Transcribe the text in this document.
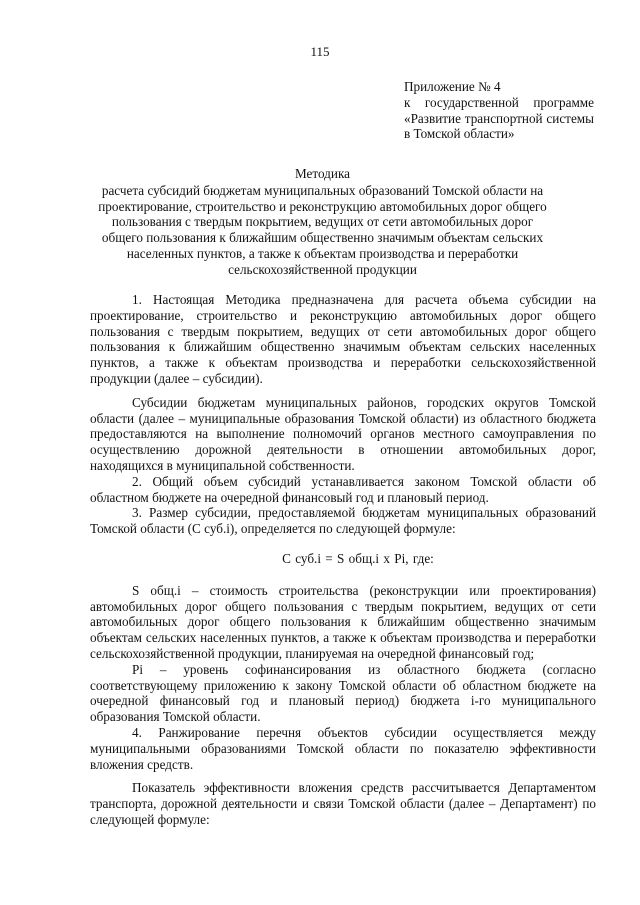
115
Приложение № 4
к государственной программе
«Развитие транспортной системы
в Томской области»
Методика
расчета субсидий бюджетам муниципальных образований Томской области на проектирование, строительство и реконструкцию автомобильных дорог общего пользования с твердым покрытием, ведущих от сети автомобильных дорог общего пользования к ближайшим общественно значимым объектам сельских населенных пунктов, а также к объектам производства и переработки сельскохозяйственной продукции

1. Настоящая Методика предназначена для расчета объема субсидии на проектирование, строительство и реконструкцию автомобильных дорог общего пользования с твердым покрытием, ведущих от сети автомобильных дорог общего пользования к ближайшим общественно значимым объектам сельских населенных пунктов, а также к объектам производства и переработки сельскохозяйственной продукции (далее – субсидии).

Субсидии бюджетам муниципальных районов, городских округов Томской области (далее – муниципальные образования Томской области) из областного бюджета предоставляются на выполнение полномочий органов местного самоуправления по осуществлению дорожной деятельности в отношении автомобильных дорог, находящихся в муниципальной собственности.

2. Общий объем субсидий устанавливается законом Томской области об областном бюджете на очередной финансовый год и плановый период.

3. Размер субсидии, предоставляемой бюджетам муниципальных образований Томской области (С суб.i), определяется по следующей формуле:

С суб.i = S общ.i х Pi, где:

S общ.i – стоимость строительства (реконструкции или проектирования) автомобильных дорог общего пользования с твердым покрытием, ведущих от сети автомобильных дорог общего пользования к ближайшим общественно значимым объектам сельских населенных пунктов, а также к объектам производства и переработки сельскохозяйственной продукции, планируемая на очередной финансовый год;

Pi – уровень софинансирования из областного бюджета (согласно соответствующему приложению к закону Томской области об областном бюджете на очередной финансовый год и плановый период) бюджета i-го муниципального образования Томской области.

4. Ранжирование перечня объектов субсидии осуществляется между муниципальными образованиями Томской области по показателю эффективности вложения средств.

Показатель эффективности вложения средств рассчитывается Департаментом транспорта, дорожной деятельности и связи Томской области (далее – Департамент) по следующей формуле:
